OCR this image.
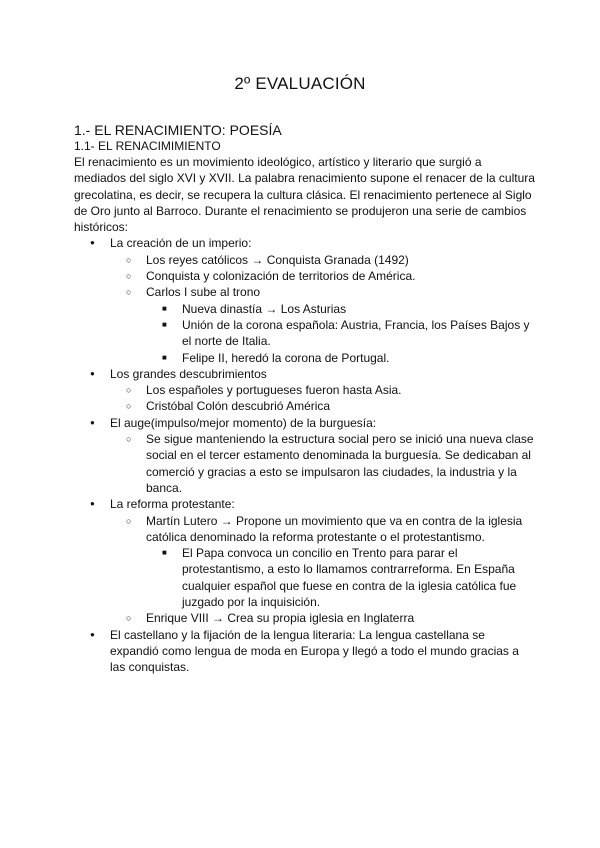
2º EVALUACIÓN
1.- EL RENACIMIENTO: POESÍA
1.1- EL RENACIMIMIENTO

El renacimiento es un movimiento ideológico, artístico y literario que surgió a mediados del siglo XVI y XVII. La palabra renacimiento supone el renacer de la cultura grecolatina, es decir, se recupera la cultura clásica. El renacimiento pertenece al Siglo de Oro junto al Barroco. Durante el renacimiento se produjeron una serie de cambios históricos:

● La creación de un imperio:
○ Los reyes católicos → Conquista Granada (1492)
○ Conquista y colonización de territorios de América.
○ Carlos I sube al trono
■ Nueva dinastía → Los Asturias
■ Unión de la corona española: Austria, Francia, los Países Bajos y el norte de Italia.
■ Felipe II, heredó la corona de Portugal.
● Los grandes descubrimientos
○ Los españoles y portugueses fueron hasta Asia.
○ Cristóbal Colón descubrió América
● El auge(impulso/mejor momento) de la burguesía:
○ Se sigue manteniendo la estructura social pero se inició una nueva clase social en el tercer estamento denominada la burguesía. Se dedicaban al comerció y gracias a esto se impulsaron las ciudades, la industria y la banca.
● La reforma protestante:
○ Martín Lutero → Propone un movimiento que va en contra de la iglesia católica denominado la reforma protestante o el protestantismo.
■ El Papa convoca un concilio en Trento para parar el protestantismo, a esto lo llamamos contrarreforma. En España cualquier español que fuese en contra de la iglesia católica fue juzgado por la inquisición.
○ Enrique VIII → Crea su propia iglesia en Inglaterra
● El castellano y la fijación de la lengua literaria: La lengua castellana se expandió como lengua de moda en Europa y llegó a todo el mundo gracias a las conquistas.
